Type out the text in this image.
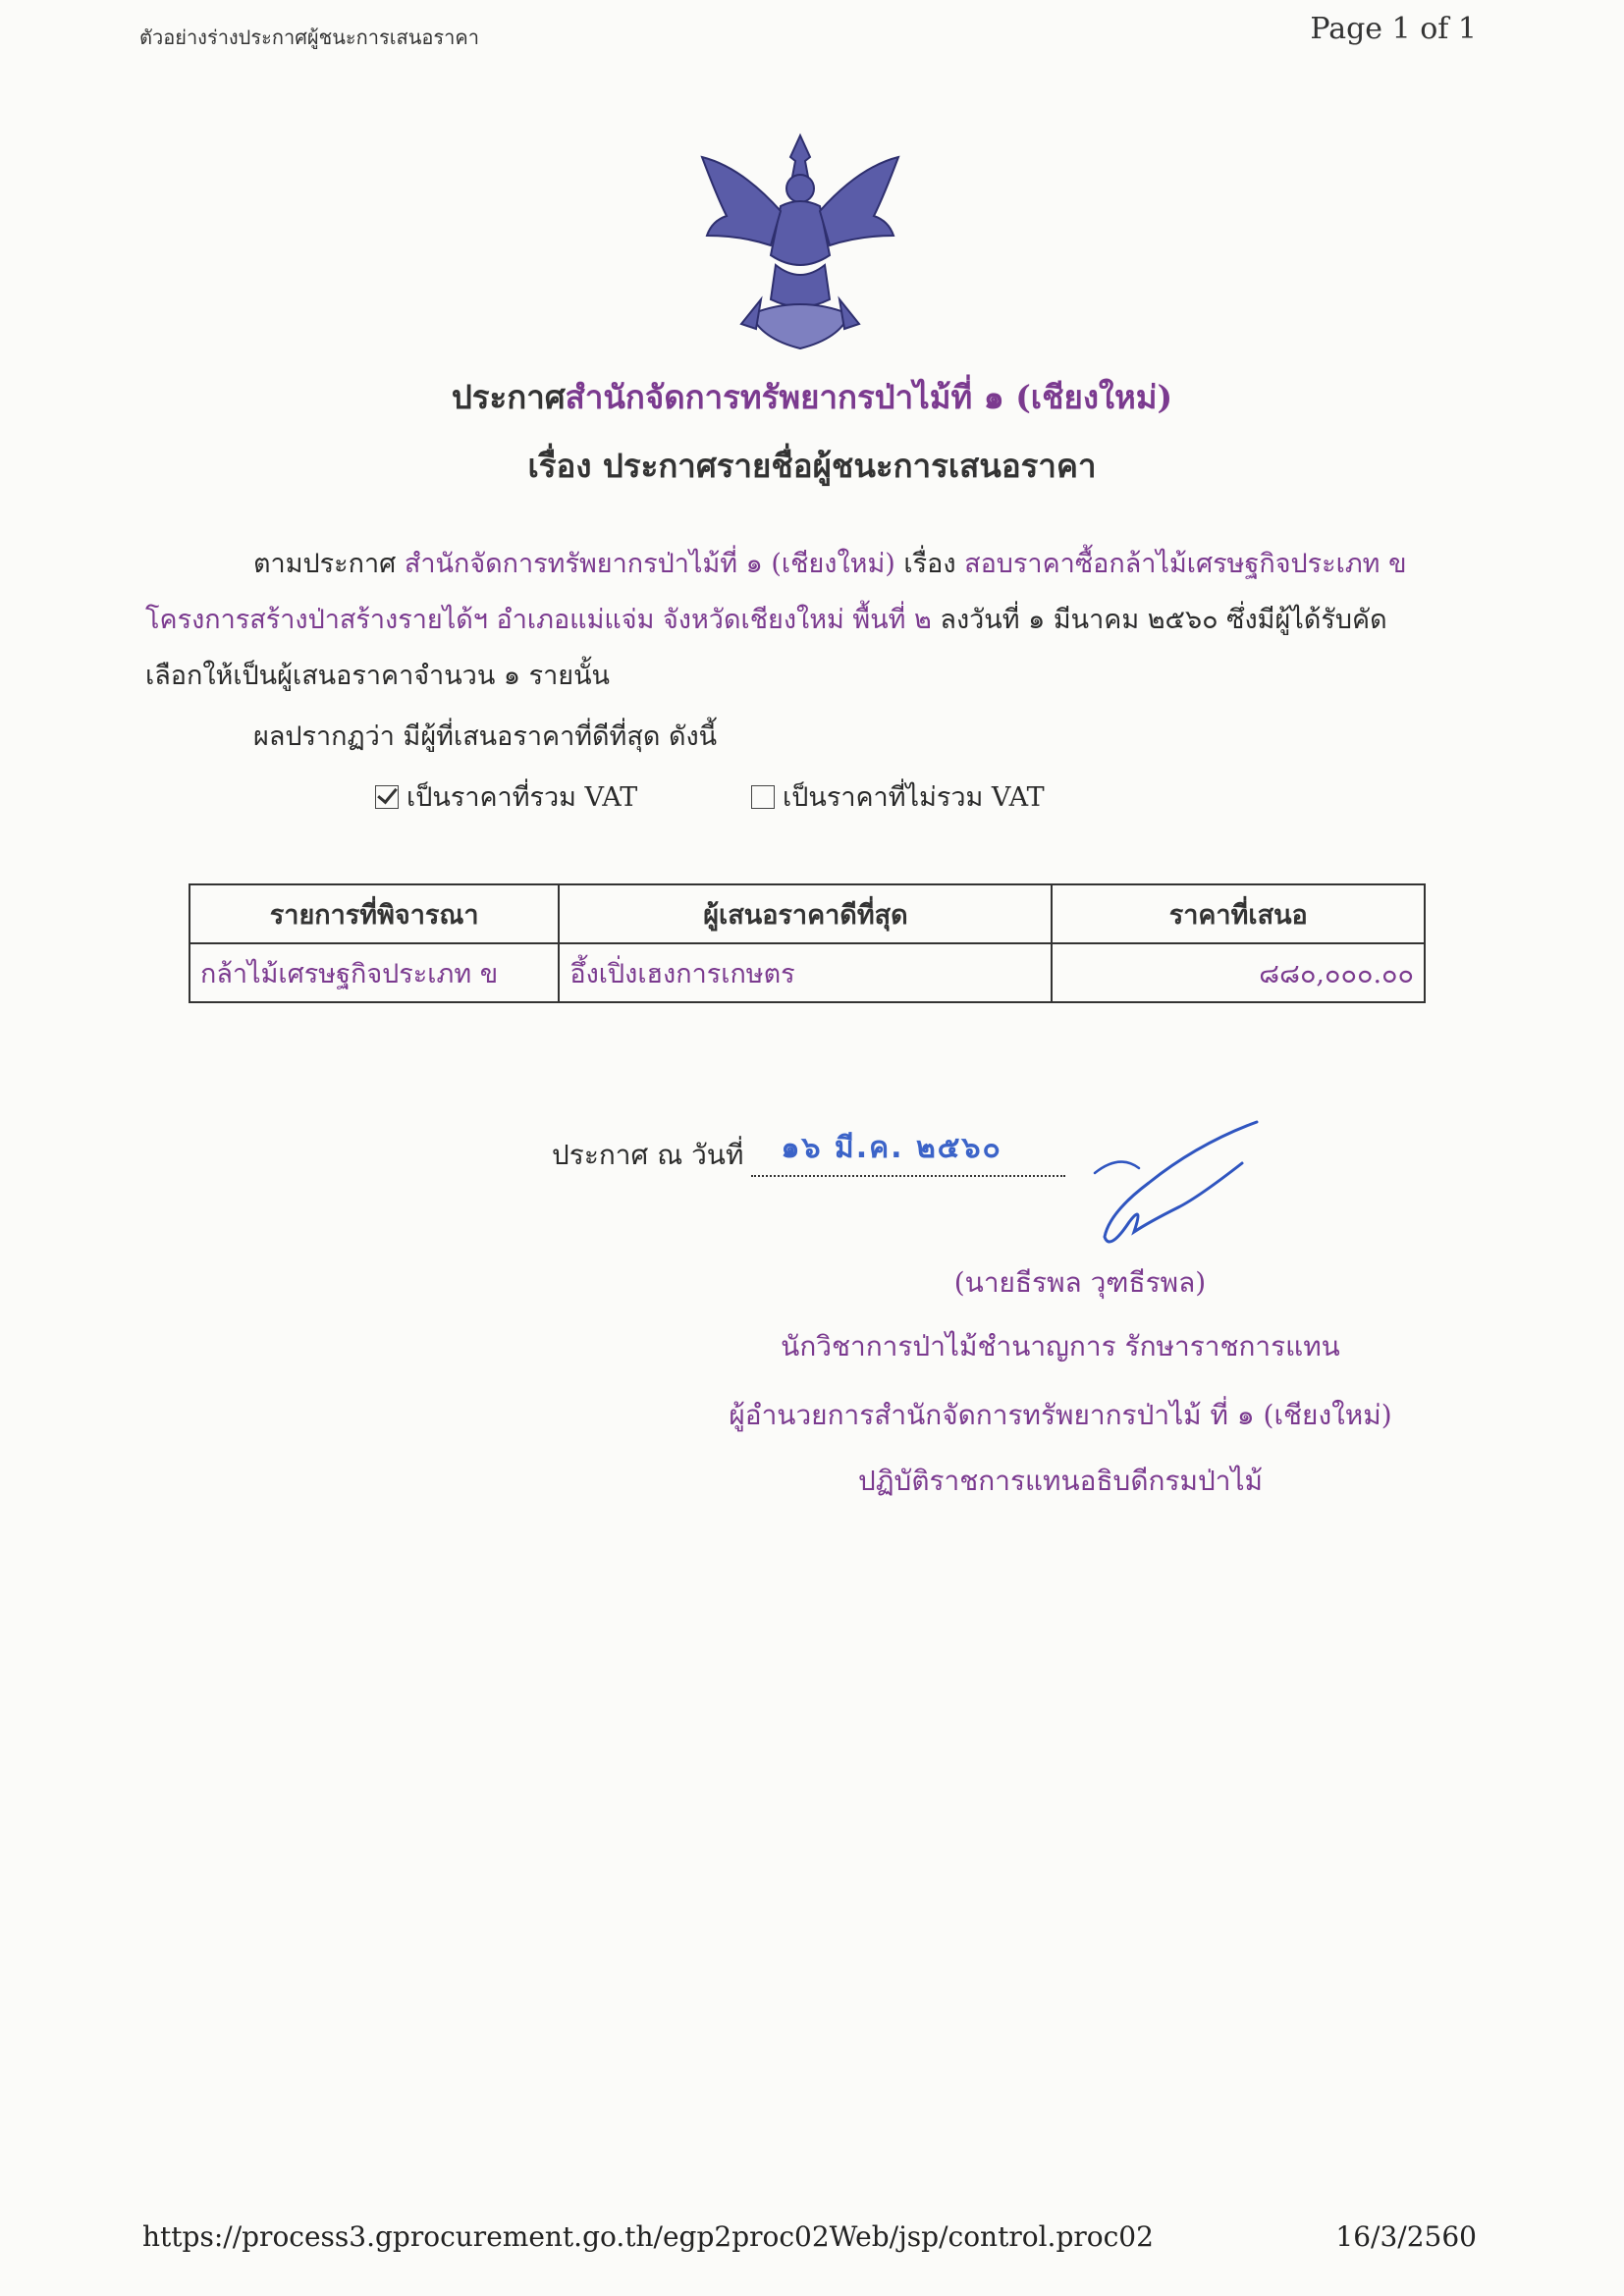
ตัวอย่างร่างประกาศผู้ชนะการเสนอราคา	Page 1 of 1
ประกาศสำนักจัดการทรัพยากรป่าไม้ที่ ๑ (เชียงใหม่)
เรื่อง ประกาศรายชื่อผู้ชนะการเสนอราคา
ตามประกาศ สำนักจัดการทรัพยากรป่าไม้ที่ ๑ (เชียงใหม่) เรื่อง สอบราคาซื้อกล้าไม้เศรษฐกิจประเภท ข
โครงการสร้างป่าสร้างรายได้ฯ อำเภอแม่แจ่ม จังหวัดเชียงใหม่ พื้นที่ ๒ ลงวันที่ ๑ มีนาคม ๒๕๖๐ ซึ่งมีผู้ได้รับคัด
เลือกให้เป็นผู้เสนอราคาจำนวน ๑ รายนั้น
ผลปรากฏว่า มีผู้ที่เสนอราคาที่ดีที่สุด ดังนี้
เป็นราคาที่รวม VAT	เป็นราคาที่ไม่รวม VAT
รายการที่พิจารณา	ผู้เสนอราคาดีที่สุด	ราคาที่เสนอ
กล้าไม้เศรษฐกิจประเภท ข	อึ้งเปิ่งเฮงการเกษตร	๘๘๐,๐๐๐.๐๐
ประกาศ ณ วันที่ ๑๖ มี.ค. ๒๕๖๐
(นายธีรพล วุฑธีรพล)
นักวิชาการป่าไม้ชำนาญการ รักษาราชการแทน
ผู้อำนวยการสำนักจัดการทรัพยากรป่าไม้ ที่ ๑ (เชียงใหม่)
ปฏิบัติราชการแทนอธิบดีกรมป่าไม้
https://process3.gprocurement.go.th/egp2proc02Web/jsp/control.proc02	16/3/2560
